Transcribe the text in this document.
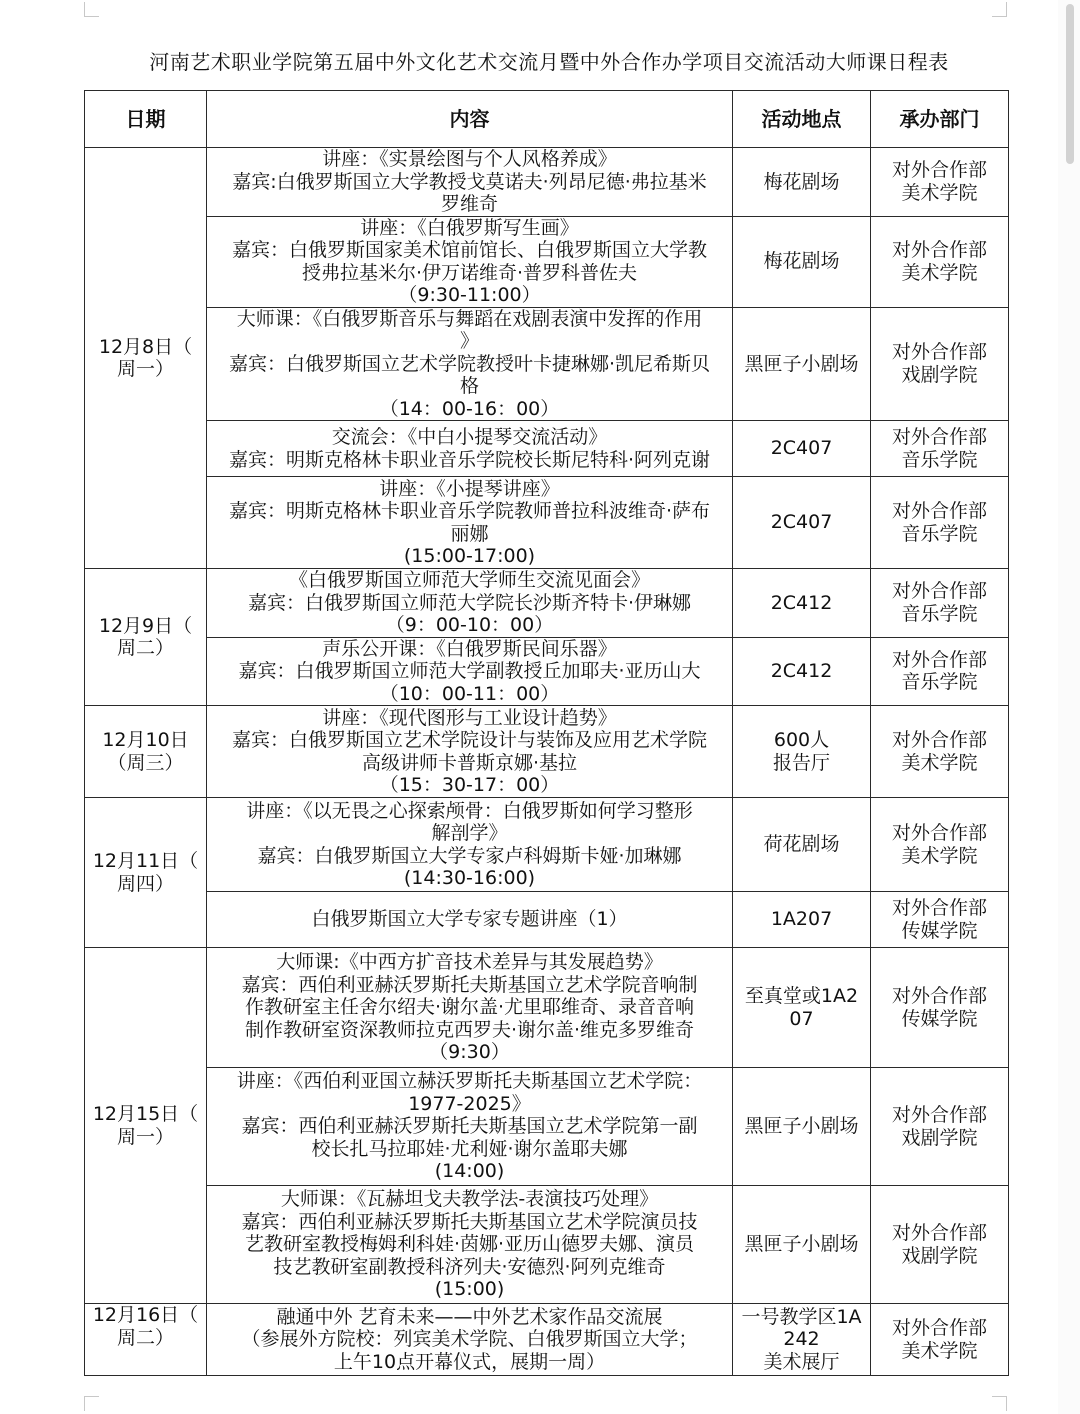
河南艺术职业学院第五届中外文化艺术交流月暨中外合作办学项目交流活动大师课日程表
日期	内容	活动地点	承办部门

12月8日（
周一）	讲座：《实景绘图与个人风格养成》
嘉宾:白俄罗斯国立大学教授戈莫诺夫·列昂尼德·弗拉基米
罗维奇	梅花剧场	对外合作部
美术学院

	讲座：《白俄罗斯写生画》
嘉宾：白俄罗斯国家美术馆前馆长、白俄罗斯国立大学教
授弗拉基米尔·伊万诺维奇·普罗科普佐夫
（9:30-11:00）	梅花剧场	对外合作部
美术学院

	大师课：《白俄罗斯音乐与舞蹈在戏剧表演中发挥的作用
》
嘉宾：白俄罗斯国立艺术学院教授叶卡捷琳娜·凯尼希斯贝
格
（14：00-16：00）	黑匣子小剧场	对外合作部
戏剧学院

	交流会：《中白小提琴交流活动》
嘉宾：明斯克格林卡职业音乐学院校长斯尼特科·阿列克谢	2C407	对外合作部
音乐学院

	讲座：《小提琴讲座》
嘉宾：明斯克格林卡职业音乐学院教师普拉科波维奇·萨布
丽娜
(15:00-17:00)	2C407	对外合作部
音乐学院

12月9日（
周二）	《白俄罗斯国立师范大学师生交流见面会》
嘉宾：白俄罗斯国立师范大学院长沙斯齐特卡·伊琳娜
（9：00-10：00）	2C412	对外合作部
音乐学院

	声乐公开课：《白俄罗斯民间乐器》
嘉宾：白俄罗斯国立师范大学副教授丘加耶夫·亚历山大
（10：00-11：00）	2C412	对外合作部
音乐学院

12月10日
（周三）	讲座：《现代图形与工业设计趋势》
嘉宾：白俄罗斯国立艺术学院设计与装饰及应用艺术学院
高级讲师卡普斯京娜·基拉
（15：30-17：00）	600人
报告厅	对外合作部
美术学院

12月11日（
周四）	讲座：《以无畏之心探索颅骨：白俄罗斯如何学习整形
解剖学》
嘉宾：白俄罗斯国立大学专家卢科姆斯卡娅·加琳娜
(14:30-16:00)	荷花剧场	对外合作部
美术学院

	白俄罗斯国立大学专家专题讲座（1）	1A207	对外合作部
传媒学院

12月15日（
周一）	大师课:《中西方扩音技术差异与其发展趋势》
嘉宾：西伯利亚赫沃罗斯托夫斯基国立艺术学院音响制
作教研室主任舍尔绍夫·谢尔盖·尤里耶维奇、录音音响
制作教研室资深教师拉克西罗夫·谢尔盖·维克多罗维奇
（9:30）	至真堂或1A2
07	对外合作部
传媒学院

	讲座：《西伯利亚国立赫沃罗斯托夫斯基国立艺术学院：
1977-2025》
嘉宾：西伯利亚赫沃罗斯托夫斯基国立艺术学院第一副
校长扎马拉耶娃·尤利娅·谢尔盖耶夫娜
(14:00)	黑匣子小剧场	对外合作部
戏剧学院

	大师课：《瓦赫坦戈夫教学法-表演技巧处理》
嘉宾：西伯利亚赫沃罗斯托夫斯基国立艺术学院演员技
艺教研室教授梅姆利科娃·茵娜·亚历山德罗夫娜、演员
技艺教研室副教授科济列夫·安德烈·阿列克维奇
(15:00)	黑匣子小剧场	对外合作部
戏剧学院

12月16日（
周二）	融通中外 艺育未来——中外艺术家作品交流展
（参展外方院校：列宾美术学院、白俄罗斯国立大学；
上午10点开幕仪式，展期一周）	一号教学区1A
242
美术展厅	对外合作部
美术学院
